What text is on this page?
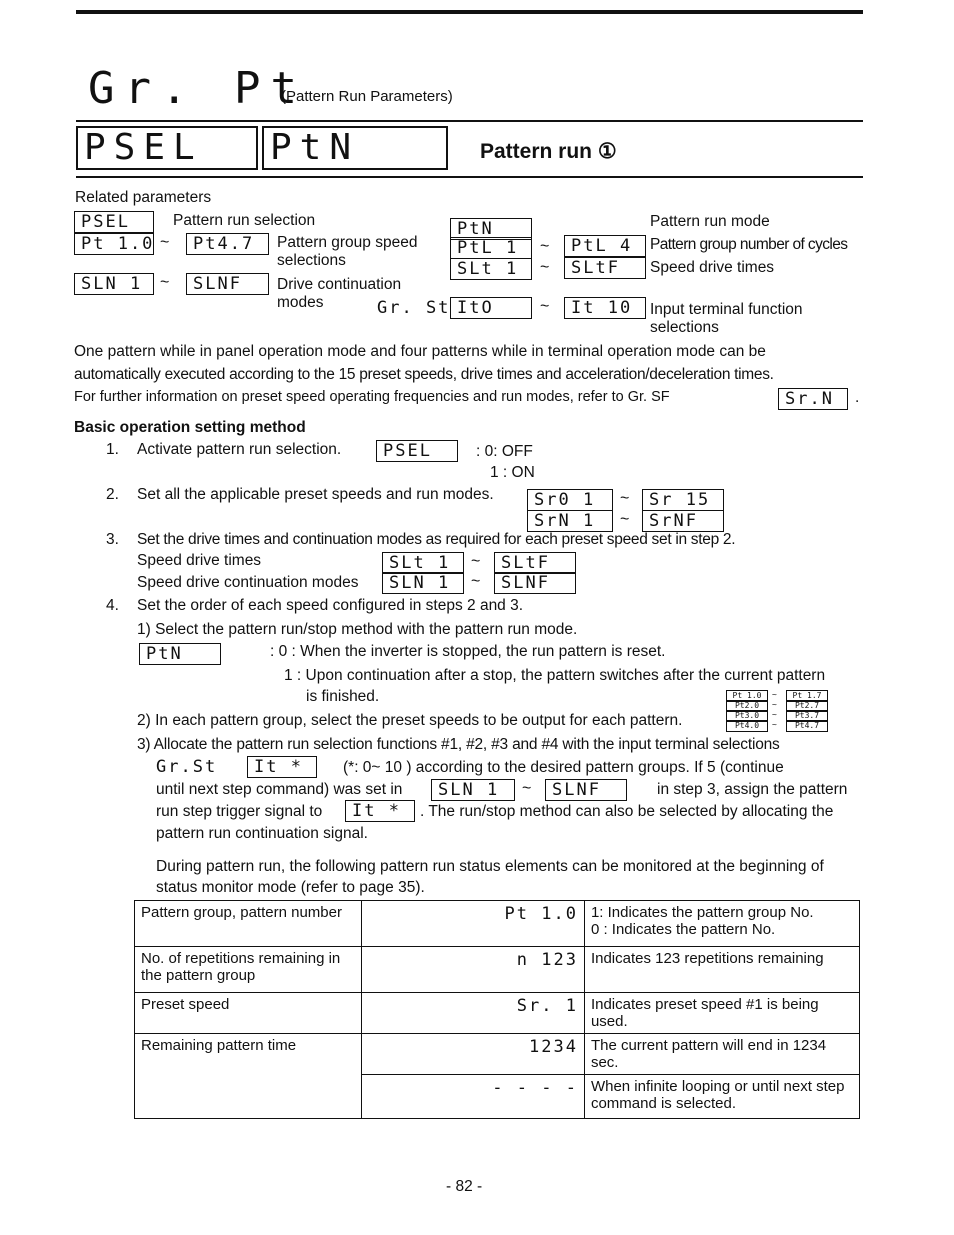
Gr. Pt
(Pattern Run Parameters)
PSEL	PtN	Pattern run ①
Related parameters
PSEL	Pattern run selection
Pt 1.0 ~	Pt4.7	Pattern group speed
selections
SLN 1	~	SLNF	Drive continuation
modes
PtN	Pattern run mode
PtL 1	~	PtL 4	Pattern group number of cycles
SLt 1	~	SLtF	Speed drive times
Gr. St ItO	~	It 10	Input terminal function
selections
One pattern while in panel operation mode and four patterns while in terminal operation mode can be
automatically executed according to the 15 preset speeds, drive times and acceleration/deceleration times.
For further information on preset speed operating frequencies and run modes, refer to Gr. SF	Sr.N	.
Basic operation setting method
1. Activate pattern run selection.	PSEL	: 0: OFF
1 : ON
2. Set all the applicable preset speeds and run modes.	Sr0 1	~	Sr 15
SrN 1	~	SrNF
3. Set the drive times and continuation modes as required for each preset speed set in step 2.
Speed drive times	SLt 1	~	SLtF
Speed drive continuation modes	SLN 1	~	SLNF
4. Set the order of each speed configured in steps 2 and 3.
1) Select the pattern run/stop method with the pattern run mode.
PtN	: 0 : When the inverter is stopped, the run pattern is reset.
1 : Upon continuation after a stop, the pattern switches after the current pattern
is finished.
2) In each pattern group, select the preset speeds to be output for each pattern.
Pt 1.0	~	Pt 1.7
Pt2.0	~	Pt2.7
Pt3.0	~	Pt3.7
Pt4.0	~	Pt4.7
3) Allocate the pattern run selection functions #1, #2, #3 and #4 with the input terminal selections
Gr.St	It *	(*: 0~ 10 ) according to the desired pattern groups. If 5 (continue
until next step command) was set in	SLN 1	~	SLNF	in step 3, assign the pattern
run step trigger signal to	It *	. The run/stop method can also be selected by allocating the
pattern run continuation signal.
During pattern run, the following pattern run status elements can be monitored at the beginning of
status monitor mode (refer to page 35).
Pattern group, pattern number	Pt 1.0	1: Indicates the pattern group No.
0 : Indicates the pattern No.

No. of repetitions remaining in the pattern group	n 123	Indicates 123 repetitions remaining
Preset speed	Sr. 1	Indicates preset speed #1 is being used.
Remaining pattern time	1234	The current pattern will end in 1234 sec.
	- - - -	When infinite looping or until next step command is selected.
- 82 -
